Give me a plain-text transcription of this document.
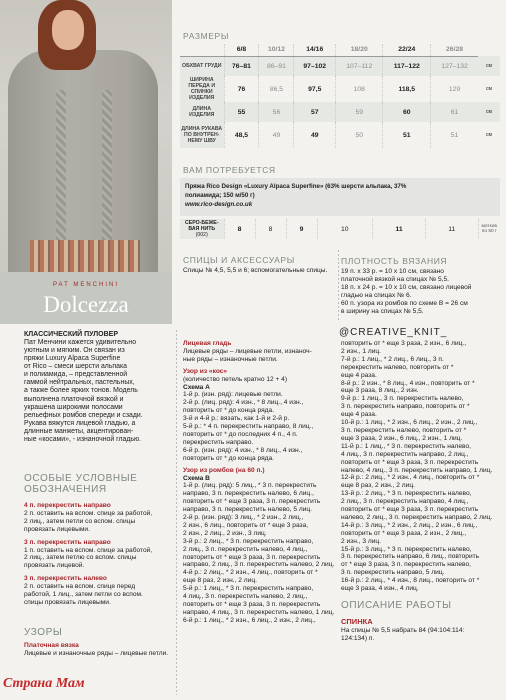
PAT MENCHINI
Dolcezza
РАЗМЕРЫ
	6/8	10/12	14/16	18/20	22/24	26/28	
ОБХВАТ ГРУДИ	76–81	86–91	97–102	107–112	117–122	127–132	см
ШИРИНА ПЕРЕДА И СПИНКИ ИЗДЕЛИЯ	76	86,5	97,5	108	118,5	129	см
ДЛИНА ИЗДЕЛИЯ	55	56	57	59	60	61	см
ДЛИНА РУКАВА ПО ВНУТРЕН-НЕМУ ШВУ	48,5	49	49	50	51	51	см
ВАМ ПОТРЕБУЕТСЯ
Пряжа Rico Design «Luxury Alpaca Superfine» (63% шерсти альпака, 37%
полиамида; 150 м/50 г)
www.rico-design.co.uk
СЕРО-БЕЖЕ-ВАЯ НИТЬ
(002)	8	8	9	10	11	11	мотков по 50 г
СПИЦЫ И АКСЕССУАРЫ
Спицы № 4,5, 5,5 и 6; вспомогательные спицы.
ПЛОТНОСТЬ ВЯЗАНИЯ
19 п. х 33 р. = 10 х 10 см, связано
платочной вязкой на спицах № 5,5.
18 п. х 24 р. = 10 х 10 см, связано лицевой
гладью на спицах № 6.
60 п. узора из ромбов по схеме В = 26 см
в ширину на спицах № 5,5.
@CREATIVE_KNIT_
КЛАССИЧЕСКИЙ ПУЛОВЕР
Пат Менчини кажется удивительно
уютным и мягким. Он связан из
пряжи Luxury Alpaca Superfine
от Rico – смеси шерсти альпака
и полиамида, – представленной
гаммой нейтральных, пастельных,
а также более ярких тонов. Модель
выполнена платочной вязкой и
украшена широкими полосами
рельефных ромбов спереди и сзади.
Рукава вяжутся лицевой гладью, а
длинные манжеты, акцентирован-
ные «косами», - изнаночной гладью.
ОСОБЫЕ УСЛОВНЫЕ
ОБОЗНАЧЕНИЯ
4 п. перекрестить направо
2 п. оставить на вспом. спице за работой,
2 лиц., затем петли со вспом. спицы
провязать лицевыми.
3 п. перекрестить направо
1 п. оставить на вспом. спице за работой,
2 лиц., затем петлю со вспом. спицы
провязать лицевой.
3 п. перекрестить налево
2 п. оставить на вспом. спице перед
работой, 1 лиц., затем петли со вспом.
спицы провязать лицевыми.
УЗОРЫ
Платочная вязка
Лицевые и изнаночные ряды – лицевые петли.
Лицевая гладь
Лицевые ряды – лицевые петли, изнаноч-
ные ряды – изнаночные петли.

Узор из «кос»
(количество петель кратно 12 + 4)
Схема А
1-й р. (изн. ряд): лицевые петли.
2-й р. (лиц. ряд): 4 изн., * 8 лиц., 4 изн.,
повторить от * до конца ряда.
3-й и 4-й р.: вязать, как 1-й и 2-й р.
5-й р.: * 4 п. перекрестить направо, 8 лиц.,
повторить от * до последних 4 п., 4 п.
перекрестить направо.
6-й р. (изн. ряд): 4 изн., * 8 лиц., 4 изн.,
повторить от * до конца ряда.

Узор из ромбов (на 60 п.)
Схема В
1-й р. (лиц. ряд): 5 лиц., * 3 п. перекрестить
направо, 3 п. перекрестить налево, 6 лиц.,
повторить от * еще 3 раза, 3 п. перекрестить
направо, 3 п. перекрестить налево, 5 лиц.
2-й р. (изн. ряд): 3 лиц., * 2 изн., 2 лиц.,
2 изн., 6 лиц., повторить от * еще 3 раза,
2 изн., 2 лиц., 2 изн., 3 лиц.
3-й р.: 2 лиц., * 3 п. перекрестить направо,
2 лиц., 3 п. перекрестить налево, 4 лиц.,
повторить от * еще 3 раза, 3 п. перекрестить
направо, 2 лиц., 3 п. перекрестить налево, 2 лиц.
4-й р.: 2 лиц., * 2 изн., 4 лиц., повторить от *
еще 8 раз, 2 изн., 2 лиц.
5-й р.: 1 лиц., * 3 п. перекрестить направо,
4 лиц., 3 п. перекрестить налево, 2 лиц.,
повторить от * еще 3 раза, 3 п. перекрестить
направо, 4 лиц., 3 п. перекрестить налево, 1 лиц.
6-й р.: 1 лиц., * 2 изн., 6 лиц., 2 изн., 2 лиц.,
повторить от * еще 3 раза, 2 изн., 6 лиц.,
2 изн., 1 лиц.
7-й р.: 1 лиц., * 2 лиц., 6 лиц., 3 п.
перекрестить налево, повторить от *
еще 4 раза.
8-й р.: 2 изн., * 8 лиц., 4 изн., повторить от *
еще 3 раза, 8 лиц., 2 изн.
9-й р.: 1 лиц., 3 п. перекрестить налево,
3 п. перекрестить направо, повторить от *
еще 4 раза.
10-й р.: 1 лиц., * 2 изн., 6 лиц., 2 изн., 2 лиц.,
3 п. перекрестить налево, повторить от *
еще 3 раза, 2 изн., 6 лиц., 2 изн., 1 лиц.
11-й р.: 1 лиц., * 3 п. перекрестить налево,
4 лиц., 3 п. перекрестить направо, 2 лиц.,
повторить от * еще 3 раза, 3 п. перекрестить
налево, 4 лиц., 3 п. перекрестить направо, 1 лиц.
12-й р.: 2 лиц., * 2 изн., 4 лиц., повторить от *
еще 8 раз, 2 изн., 2 лиц.
13-й р.: 2 лиц., * 3 п. перекрестить налево,
2 лиц., 3 п. перекрестить направо, 4 лиц.,
повторить от * еще 3 раза, 3 п. перекрестить
налево, 2 лиц., 3 п. перекрестить направо, 2 лиц.
14-й р.: 3 лиц., * 2 изн., 2 лиц., 2 изн., 6 лиц.,
повторить от * еще 3 раза, 2 изн., 2 лиц.,
2 изн., 3 лиц.
15-й р.: 3 лиц., * 3 п. перекрестить налево,
3 п. перекрестить направо, 6 лиц., повторить
от * еще 3 раза, 3 п. перекрестить налево,
3 п. перекрестить направо, 5 лиц.
16-й р.: 2 лиц., * 4 изн., 8 лиц., повторить от *
еще 3 раза, 4 изн., 4 лиц.
ОПИСАНИЕ РАБОТЫ
СПИНКА
На спицы № 5,5 набрать 84 (94:104:114:
124:134) п.
Страна Мам
